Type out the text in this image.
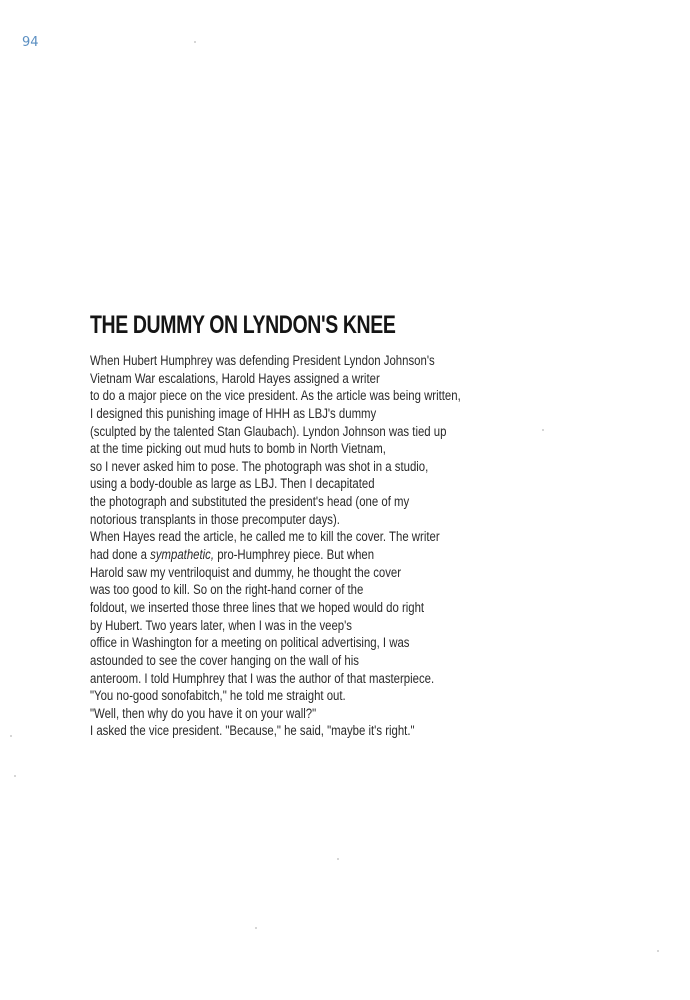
94
THE DUMMY ON LYNDON'S KNEE
When Hubert Humphrey was defending President Lyndon Johnson's
Vietnam War escalations, Harold Hayes assigned a writer
to do a major piece on the vice president. As the article was being written,
I designed this punishing image of HHH as LBJ's dummy
(sculpted by the talented Stan Glaubach). Lyndon Johnson was tied up
at the time picking out mud huts to bomb in North Vietnam,
so I never asked him to pose. The photograph was shot in a studio,
using a body-double as large as LBJ. Then I decapitated
the photograph and substituted the president's head (one of my
notorious transplants in those precomputer days).
When Hayes read the article, he called me to kill the cover. The writer
had done a sympathetic, pro-Humphrey piece. But when
Harold saw my ventriloquist and dummy, he thought the cover
was too good to kill. So on the right-hand corner of the
foldout, we inserted those three lines that we hoped would do right
by Hubert. Two years later, when I was in the veep's
office in Washington for a meeting on political advertising, I was
astounded to see the cover hanging on the wall of his
anteroom. I told Humphrey that I was the author of that masterpiece.
"You no-good sonofabitch," he told me straight out.
"Well, then why do you have it on your wall?"
I asked the vice president. "Because," he said, "maybe it's right."
